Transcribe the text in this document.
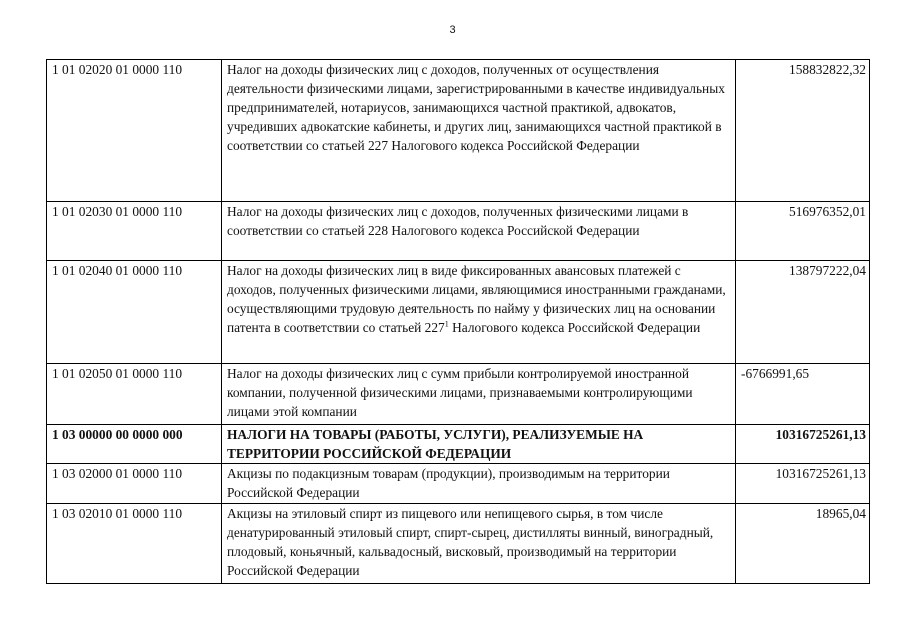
3
1 01 02020 01 0000 110	Налог на доходы физических лиц с доходов, полученных от осуществления деятельности физическими лицами, зарегистрированными в качестве индивидуальных предпринимателей, нотариусов, занимающихся частной практикой, адвокатов, учредивших адвокатские кабинеты, и других лиц, занимающихся частной практикой в соответствии со статьей 227 Налогового кодекса Российской Федерации	158832822,32
1 01 02030 01 0000 110	Налог на доходы физических лиц с доходов, полученных физическими лицами в соответствии со статьей 228 Налогового кодекса Российской Федерации	516976352,01
1 01 02040 01 0000 110	Налог на доходы физических лиц в виде фиксированных авансовых платежей с доходов, полученных физическими лицами, являющимися иностранными гражданами, осуществляющими трудовую деятельность по найму у физических лиц на основании патента в соответствии со статьей $227^1$ Налогового кодекса Российской Федерации	138797222,04
1 01 02050 01 0000 110	Налог на доходы физических лиц с сумм прибыли контролируемой иностранной компании, полученной физическими лицами, признаваемыми контролирующими лицами этой компании	-6766991,65
1 03 00000 00 0000 000	НАЛОГИ НА ТОВАРЫ (РАБОТЫ, УСЛУГИ), РЕАЛИЗУЕМЫЕ НА ТЕРРИТОРИИ РОССИЙСКОЙ ФЕДЕРАЦИИ	10316725261,13
1 03 02000 01 0000 110	Акцизы по подакцизным товарам (продукции), производимым на территории Российской Федерации	10316725261,13
1 03 02010 01 0000 110	Акцизы на этиловый спирт из пищевого или непищевого сырья, в том числе денатурированный этиловый спирт, спирт-сырец, дистилляты винный, виноградный, плодовый, коньячный, кальвадосный, висковый, производимый на территории Российской Федерации	18965,04
